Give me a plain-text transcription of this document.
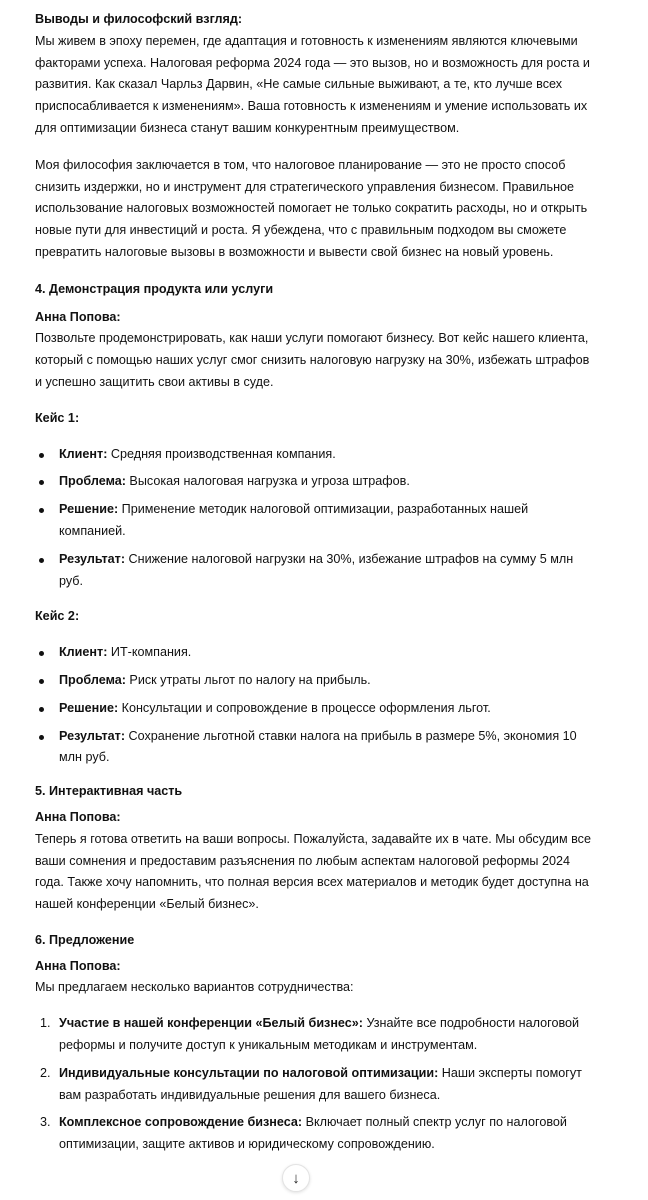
Выводы и философский взгляд:

Мы живем в эпоху перемен, где адаптация и готовность к изменениям являются ключевыми факторами успеха. Налоговая реформа 2024 года — это вызов, но и возможность для роста и развития. Как сказал Чарльз Дарвин, «Не самые сильные выживают, а те, кто лучше всех приспосабливается к изменениям». Ваша готовность к изменениям и умение использовать их для оптимизации бизнеса станут вашим конкурентным преимуществом.

Моя философия заключается в том, что налоговое планирование — это не просто способ снизить издержки, но и инструмент для стратегического управления бизнесом. Правильное использование налоговых возможностей помогает не только сократить расходы, но и открыть новые пути для инвестиций и роста. Я убеждена, что с правильным подходом вы сможете превратить налоговые вызовы в возможности и вывести свой бизнес на новый уровень.

4. Демонстрация продукта или услуги

Анна Попова:

Позвольте продемонстрировать, как наши услуги помогают бизнесу. Вот кейс нашего клиента, который с помощью наших услуг смог снизить налоговую нагрузку на 30%, избежать штрафов и успешно защитить свои активы в суде.

Кейс 1:

Клиент: Средняя производственная компания.
Проблема: Высокая налоговая нагрузка и угроза штрафов.
Решение: Применение методик налоговой оптимизации, разработанных нашей компанией.
Результат: Снижение налоговой нагрузки на 30%, избежание штрафов на сумму 5 млн руб.

Кейс 2:

Клиент: ИТ-компания.
Проблема: Риск утраты льгот по налогу на прибыль.
Решение: Консультации и сопровождение в процессе оформления льгот.
Результат: Сохранение льготной ставки налога на прибыль в размере 5%, экономия 10 млн руб.

5. Интерактивная часть

Анна Попова:

Теперь я готова ответить на ваши вопросы. Пожалуйста, задавайте их в чате. Мы обсудим все ваши сомнения и предоставим разъяснения по любым аспектам налоговой реформы 2024 года. Также хочу напомнить, что полная версия всех материалов и методик будет доступна на нашей конференции «Белый бизнес».

6. Предложение

Анна Попова:

Мы предлагаем несколько вариантов сотрудничества:

1. Участие в нашей конференции «Белый бизнес»: Узнайте все подробности налоговой реформы и получите доступ к уникальным методикам и инструментам.
2. Индивидуальные консультации по налоговой оптимизации: Наши эксперты помогут вам разработать индивидуальные решения для вашего бизнеса.
3. Комплексное сопровождение бизнеса: Включает полный спектр услуг по налоговой оптимизации, защите активов и юридическому сопровождению.
↓
